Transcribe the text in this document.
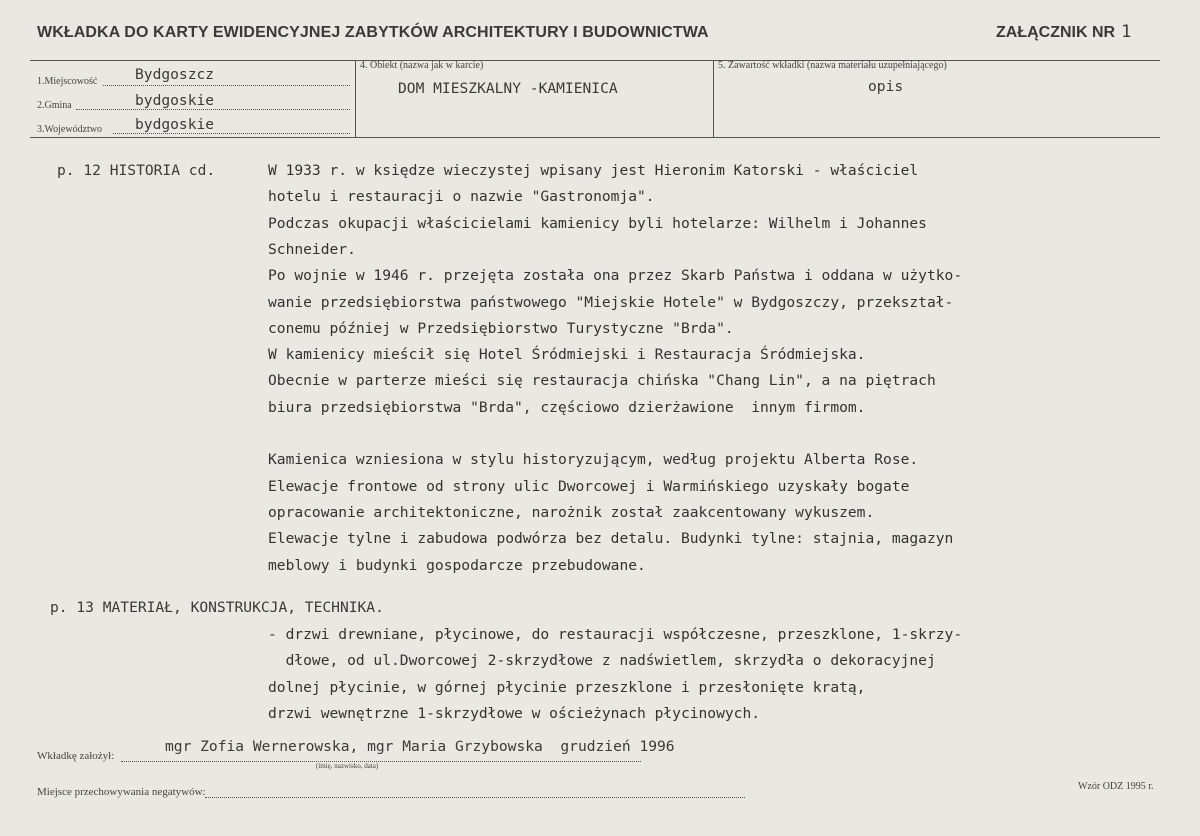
WKŁADKA DO KARTY EWIDENCYJNEJ ZABYTKÓW ARCHITEKTURY I BUDOWNICTWA	ZAŁĄCZNIK NR 1
1.Miejscowość	Bydgoszcz
2.Gmina	bydgoskie
3.Województwo bydgoskie
4. Obiekt (nazwa jak w karcie)
DOM MIESZKALNY -KAMIENICA
5. Zawartość wkładki (nazwa materiału uzupełniającego)
opis
p. 12 HISTORIA cd.	W 1933 r. w księdze wieczystej wpisany jest Hieronim Katorski - właściciel
hotelu i restauracji o nazwie "Gastronomja".
Podczas okupacji właścicielami kamienicy byli hotelarze: Wilhelm i Johannes
Schneider.
Po wojnie w 1946 r. przejęta została ona przez Skarb Państwa i oddana w użytko-
wanie przedsiębiorstwa państwowego "Miejskie Hotele" w Bydgoszczy, przekształ-
conemu później w Przedsiębiorstwo Turystyczne "Brda".
W kamienicy mieścił się Hotel Śródmiejski i Restauracja Śródmiejska.
Obecnie w parterze mieści się restauracja chińska "Chang Lin", a na piętrach
biura przedsiębiorstwa "Brda", częściowo dzierżawione  innym firmom.
Kamienica wzniesiona w stylu historyzującym, według projektu Alberta Rose.
Elewacje frontowe od strony ulic Dworcowej i Warmińskiego uzyskały bogate
opracowanie architektoniczne, narożnik został zaakcentowany wykuszem.
Elewacje tylne i zabudowa podwórza bez detalu. Budynki tylne: stajnia, magazyn
meblowy i budynki gospodarcze przebudowane.
p. 13 MATERIAŁ, KONSTRUKCJA, TECHNIKA.
- drzwi drewniane, płycinowe, do restauracji współczesne, przeszklone, 1-skrzy-
dłowe, od ul.Dworcowej 2-skrzydłowe z nadświetlem, skrzydła o dekoracyjnej
dolnej płycinie, w górnej płycinie przeszklone i przesłonięte kratą,
drzwi wewnętrzne 1-skrzydłowe w ościeżynach płycinowych.
Wkładkę założył:
mgr Zofia Wernerowska, mgr Maria Grzybowska  grudzień 1996
(imię, nazwisko, data)
Miejsce przechowywania negatywów:	Wzór ODZ 1995 r.
